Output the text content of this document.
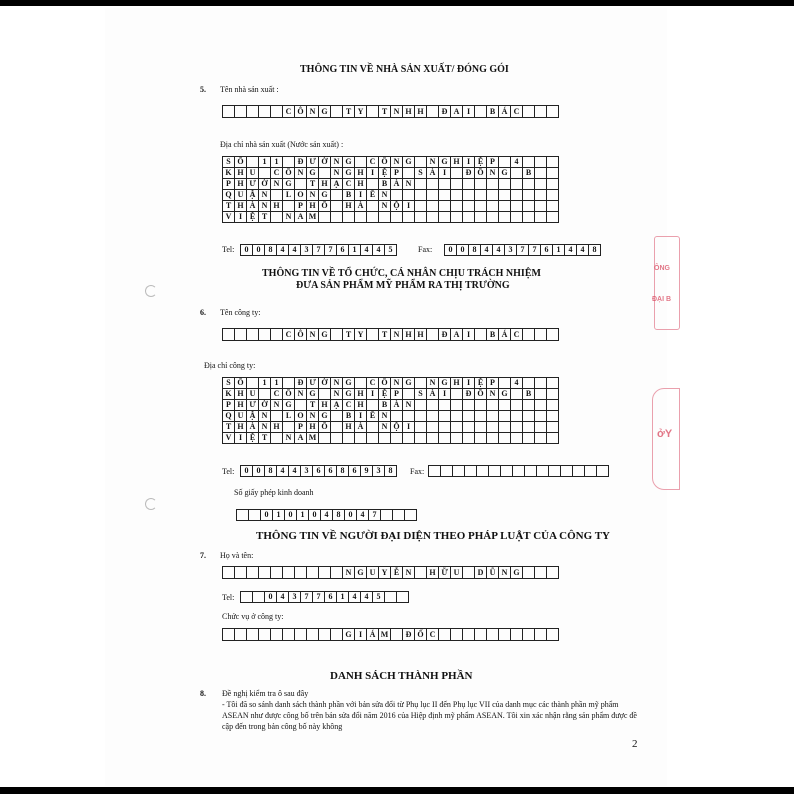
THÔNG TIN VỀ NHÀ SẢN XUẤT/ ĐÓNG GÓI
5. Tên nhà sản xuất :
					C	Ô	N	G		T	Y		T	N	H	H		Đ	A	I		B	Á	C			
Địa chỉ nhà sản xuất (Nước sản xuất) :
S	Ố		1	1		Đ	Ư	Ờ	N	G		C	Ô	N	G		N	G	H	I	Ệ	P		4			
K	H	U		C	Ô	N	G		N	G	H	I	Ệ	P		S	À	I		Đ	Ồ	N	G		B		
P	H	Ư	Ờ	N	G		T	H	Ạ	C	H		B	À	N												
Q	U	Ậ	N		L	O	N	G		B	I	Ê	N														
T	H	À	N	H		P	H	Ố		H	À		N	Ộ	I												
V	I	Ệ	T		N	A	M																				
Tel: 0	0	8	4	4	3	7	7	6	1	4	4	5	Fax: 0	0	8	4	4	3	7	7	6	1	4	4	8
THÔNG TIN VỀ TỔ CHỨC, CÁ NHÂN CHỊU TRÁCH NHIỆM
ĐƯA SẢN PHẨM MỸ PHẨM RA THỊ TRƯỜNG
6. Tên công ty:
					C	Ô	N	G		T	Y		T	N	H	H		Đ	A	I		B	Á	C			
Địa chỉ công ty:
S	Ố		1	1		Đ	Ư	Ờ	N	G		C	Ô	N	G		N	G	H	I	Ệ	P		4			
K	H	U		C	Ô	N	G		N	G	H	I	Ệ	P		S	À	I		Đ	Ồ	N	G		B		
P	H	Ư	Ờ	N	G		T	H	Ạ	C	H		B	À	N												
Q	U	Ậ	N		L	O	N	G		B	I	Ê	N														
T	H	À	N	H		P	H	Ố		H	À		N	Ộ	I												
V	I	Ệ	T		N	A	M																				
Tel: 0	0	8	4	4	3	6	6	8	6	9	3	8 Fax:

Số giấy phép kinh doanh
		0	1	0	1	0	4	8	0	4	7			
THÔNG TIN VỀ NGƯỜI ĐẠI DIỆN THEO PHÁP LUẬT CỦA CÔNG TY
7. Họ và tên:
										N	G	U	Y	Ễ	N		H	Ữ	U		D	Ũ	N	G			
Tel:
			0	4	3	7	7	6	1	4	4	5		
Chức vụ ở công ty:
										G	I	Á	M		Đ	Ố	C										
DANH SÁCH THÀNH PHẦN
8. Đề nghị kiểm tra ô sau đây
- Tôi đã so sánh danh sách thành phần với bản sửa đổi từ Phụ lục II đến Phụ lục VII của danh mục các thành phần mỹ phẩm ASEAN như được công bố trên bản sửa đổi năm 2016 của Hiệp định mỹ phẩm ASEAN. Tôi xin xác nhận rằng sản phẩm được đề cập đến trong bản công bố này không
2
ÔNG
ĐẠI B
ởY
